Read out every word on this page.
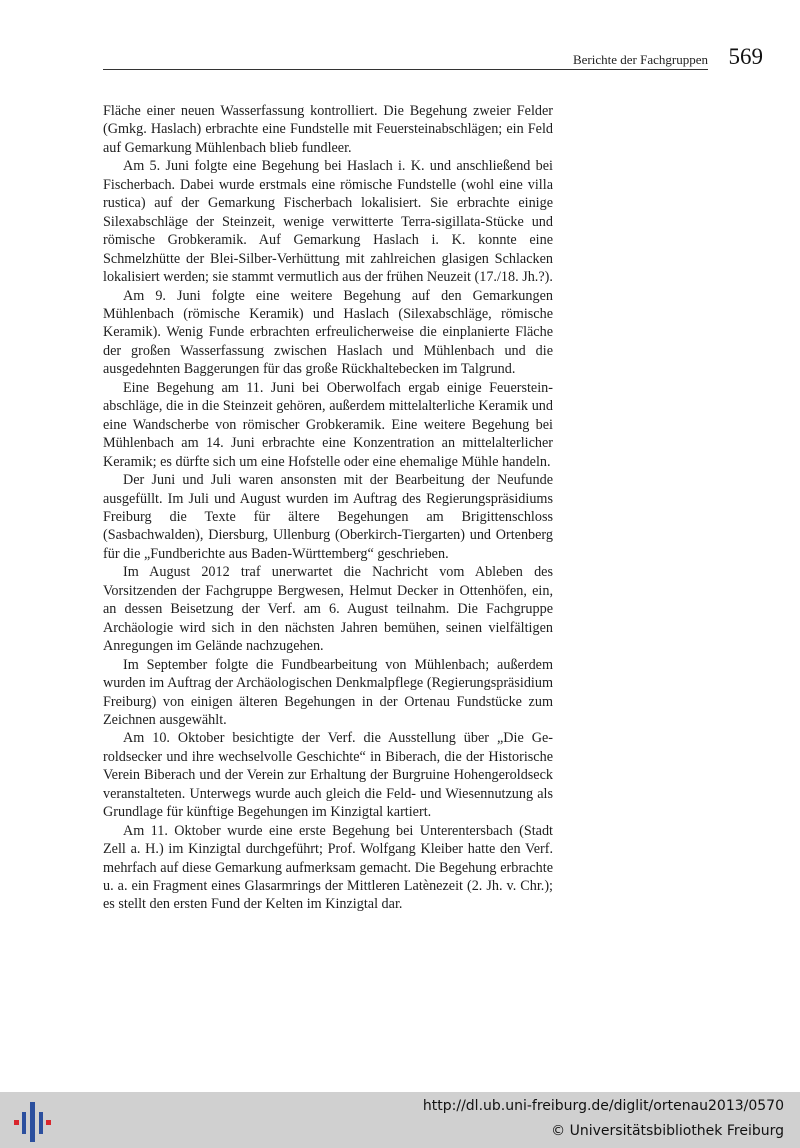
Berichte der Fachgruppen 569

Fläche einer neuen Wasserfassung kontrolliert. Die Begehung zweier Felder (Gmkg. Haslach) erbrachte eine Fundstelle mit Feuersteinabschlägen; ein Feld auf Gemarkung Mühlenbach blieb fundleer.

Am 5. Juni folgte eine Begehung bei Haslach i. K. und anschließend bei Fischerbach. Dabei wurde erstmals eine römische Fundstelle (wohl eine villa rustica) auf der Gemarkung Fischerbach lokalisiert. Sie erbrachte einige Silexabschläge der Steinzeit, wenige verwitterte Terra-sigillata-Stücke und römische Grobkeramik. Auf Gemarkung Haslach i. K. konnte eine Schmelzhütte der Blei-Silber-Verhüttung mit zahlreichen glasigen Schlacken lokalisiert werden; sie stammt vermutlich aus der frühen Neuzeit (17./18. Jh.?).

Am 9. Juni folgte eine weitere Begehung auf den Gemarkungen Mühlenbach (römische Keramik) und Haslach (Silexabschläge, römische Keramik). Wenig Funde erbrachten erfreulicherweise die einplanierte Fläche der großen Wasserfassung zwischen Haslach und Mühlenbach und die ausgedehnten Baggerungen für das große Rückhaltebecken im Talgrund.

Eine Begehung am 11. Juni bei Oberwolfach ergab einige Feuersteinabschläge, die in die Steinzeit gehören, außerdem mittelalterliche Keramik und eine Wandscherbe von römischer Grobkeramik. Eine weitere Begehung bei Mühlenbach am 14. Juni erbrachte eine Konzentration an mittelalterlicher Keramik; es dürfte sich um eine Hofstelle oder eine ehemalige Mühle handeln.

Der Juni und Juli waren ansonsten mit der Bearbeitung der Neufunde ausgefüllt. Im Juli und August wurden im Auftrag des Regierungspräsidiums Freiburg die Texte für ältere Begehungen am Brigittenschloss (Sasbachwalden), Diersburg, Ullenburg (Oberkirch-Tiergarten) und Ortenberg für die „Fundberichte aus Baden-Württemberg“ geschrieben.

Im August 2012 traf unerwartet die Nachricht vom Ableben des Vorsitzenden der Fachgruppe Bergwesen, Helmut Decker in Ottenhöfen, ein, an dessen Beisetzung der Verf. am 6. August teilnahm. Die Fachgruppe Archäologie wird sich in den nächsten Jahren bemühen, seinen vielfältigen Anregungen im Gelände nachzugehen.

Im September folgte die Fundbearbeitung von Mühlenbach; außerdem wurden im Auftrag der Archäologischen Denkmalpflege (Regierungspräsidium Freiburg) von einigen älteren Begehungen in der Ortenau Fundstücke zum Zeichnen ausgewählt.

Am 10. Oktober besichtigte der Verf. die Ausstellung über „Die Geroldsecker und ihre wechselvolle Geschichte“ in Biberach, die der Historische Verein Biberach und der Verein zur Erhaltung der Burgruine Hohengeroldseck veranstalteten. Unterwegs wurde auch gleich die Feld- und Wiesennutzung als Grundlage für künftige Begehungen im Kinzigtal kartiert.

Am 11. Oktober wurde eine erste Begehung bei Unterentersbach (Stadt Zell a. H.) im Kinzigtal durchgeführt; Prof. Wolfgang Kleiber hatte den Verf. mehrfach auf diese Gemarkung aufmerksam gemacht. Die Begehung erbrachte u. a. ein Fragment eines Glasarmrings der Mittleren Latènezeit (2. Jh. v. Chr.); es stellt den ersten Fund der Kelten im Kinzigtal dar.

http://dl.ub.uni-freiburg.de/diglit/ortenau2013/0570
© Universitätsbibliothek Freiburg
